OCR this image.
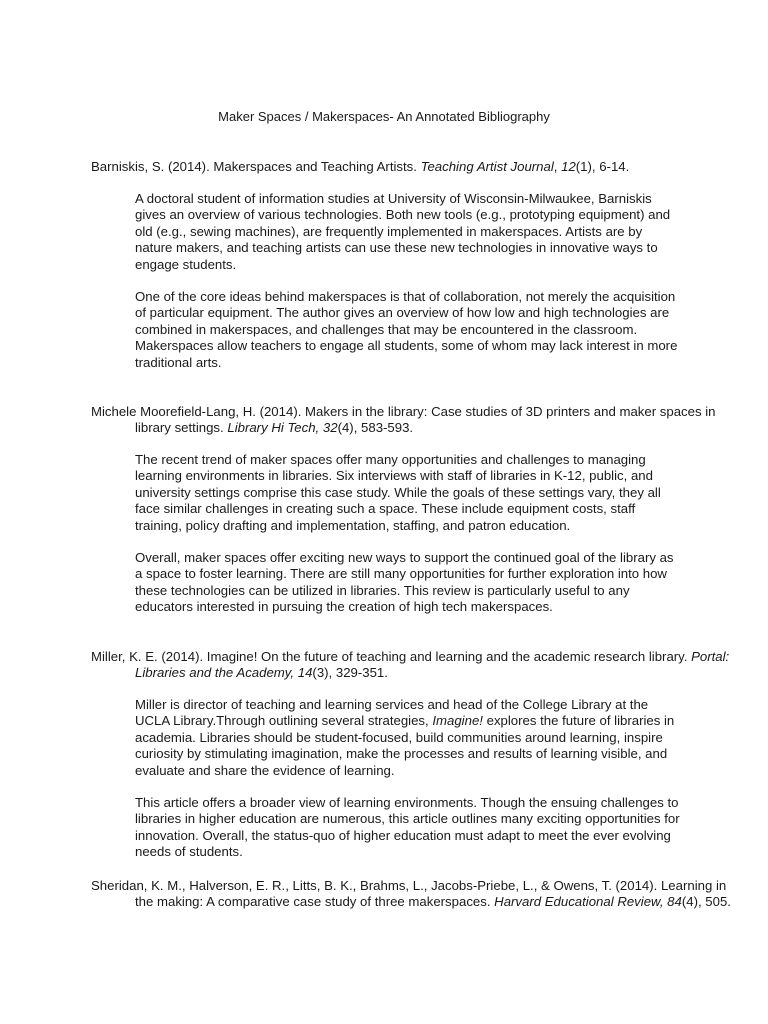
Maker Spaces / Makerspaces- An Annotated Bibliography
Barniskis, S. (2014). Makerspaces and Teaching Artists. Teaching Artist Journal, 12(1), 6-14.

A doctoral student of information studies at University of Wisconsin-Milwaukee, Barniskis gives an overview of various technologies. Both new tools (e.g., prototyping equipment) and old (e.g., sewing machines), are frequently implemented in makerspaces. Artists are by nature makers, and teaching artists can use these new technologies in innovative ways to engage students.

One of the core ideas behind makerspaces is that of collaboration, not merely the acquisition of particular equipment. The author gives an overview of how low and high technologies are combined in makerspaces, and challenges that may be encountered in the classroom. Makerspaces allow teachers to engage all students, some of whom may lack interest in more traditional arts.

Michele Moorefield-Lang, H. (2014). Makers in the library: Case studies of 3D printers and maker spaces in library settings. Library Hi Tech, 32(4), 583-593.

The recent trend of maker spaces offer many opportunities and challenges to managing learning environments in libraries. Six interviews with staff of libraries in K-12, public, and university settings comprise this case study. While the goals of these settings vary, they all face similar challenges in creating such a space. These include equipment costs, staff training, policy drafting and implementation, staffing, and patron education.

Overall, maker spaces offer exciting new ways to support the continued goal of the library as a space to foster learning. There are still many opportunities for further exploration into how these technologies can be utilized in libraries. This review is particularly useful to any educators interested in pursuing the creation of high tech makerspaces.

Miller, K. E. (2014). Imagine! On the future of teaching and learning and the academic research library. Portal: Libraries and the Academy, 14(3), 329-351.

Miller is director of teaching and learning services and head of the College Library at the UCLA Library.Through outlining several strategies, Imagine! explores the future of libraries in academia. Libraries should be student-focused, build communities around learning, inspire curiosity by stimulating imagination, make the processes and results of learning visible, and evaluate and share the evidence of learning.

This article offers a broader view of learning environments. Though the ensuing challenges to libraries in higher education are numerous, this article outlines many exciting opportunities for innovation. Overall, the status-quo of higher education must adapt to meet the ever evolving needs of students.

Sheridan, K. M., Halverson, E. R., Litts, B. K., Brahms, L., Jacobs-Priebe, L., & Owens, T. (2014). Learning in the making: A comparative case study of three makerspaces. Harvard Educational Review, 84(4), 505.
